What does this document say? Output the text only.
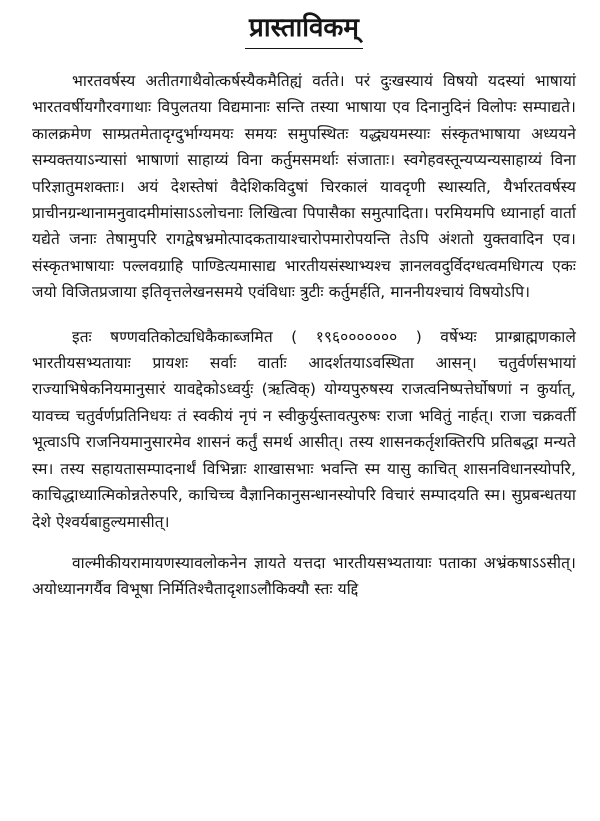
प्रास्ताविकम्

भारतवर्षस्य अतीतगाथैवोत्कर्षस्यैकमैतिह्यं वर्तते। परं दुःखस्यायं विषयो यदस्यां भाषायां भारतवर्षीयगौरवगाथाः विपुलतया विद्यमानाः सन्ति तस्या भाषाया एव दिनानुदिनं विलोपः सम्पाद्यते। कालक्रमेण साम्प्रतमेतादृग्दुर्भाग्यमयः समयः समुपस्थितः यद्ध्ययमस्याः संस्कृतभाषाया अध्ययने सम्यक्तयाऽन्यासां भाषाणां साहाय्यं विना कर्तुमसमर्थाः संजाताः। स्वगेहवस्तून्यप्यन्यसाहाय्यं विना परिज्ञातुमशक्ताः। अयं देशस्तेषां वैदेशिकविदुषां चिरकालं यावदृणी स्थास्यति, यैर्भारतवर्षस्य प्राचीनग्रन्थानामनुवादमीमांसाऽऽलोचनाः लिखित्वा पिपासैका समुत्पादिता। परमियमपि ध्यानार्हा वार्ता यद्येते जनाः तेषामुपरि रागद्वेषभ्रमोत्पादकतायाश्चारोपमारोपयन्ति तेऽपि अंशतो युक्तवादिन एव। संस्कृतभाषायाः पल्लवग्राहि पाण्डित्यमासाद्य भारतीयसंस्थाभ्यश्च ज्ञानलवदुर्विदग्धत्वमधिगत्य एकः जयो विजितप्रजाया इतिवृत्तलेखनसमये एवंविधाः त्रुटीः कर्तुमर्हति, माननीयश्चायं विषयोऽपि।

इतः षण्णवतिकोट्यधिकैकाब्जमित ( १९६००००००० ) वर्षेभ्यः प्राग्ब्राह्मणकाले भारतीयसभ्यतायाः प्रायशः सर्वाः वार्ताः आदर्शतयाऽवस्थिता आसन्। चतुर्वर्णसभायां राज्याभिषेकनियमानुसारं यावद्देकोऽध्वर्युः (ऋत्विक्) योग्यपुरुषस्य राजत्वनिष्पत्तेर्घोषणां न कुर्यात्, यावच्च चतुर्वर्णप्रतिनिधयः तं स्वकीयं नृपं न स्वीकुर्युस्तावत्पुरुषः राजा भवितुं नार्हत्। राजा चक्रवर्ती भूत्वाऽपि राजनियमानुसारमेव शासनं कर्तुं समर्थ आसीत्। तस्य शासनकर्तृशक्तिरपि प्रतिबद्धा मन्यते स्म। तस्य सहायतासम्पादनार्थं विभिन्नाः शाखासभाः भवन्ति स्म यासु काचित् शासनविधानस्योपरि, काचिद्धाध्यात्मिकोन्नतेरुपरि, काचिच्च वैज्ञानिकानुसन्धानस्योपरि विचारं सम्पादयति स्म। सुप्रबन्धतया देशे ऐश्वर्यबाहुल्यमासीत्।

वाल्मीकीयरामायणस्यावलोकनेन ज्ञायते यत्तदा भारतीयसभ्यतायाः पताका अभ्रंकषाऽऽसीत्। अयोध्यानगर्यैव विभूषा निर्मितिश्चैतादृशाऽलौकिक्यौ स्तः यद्दि
